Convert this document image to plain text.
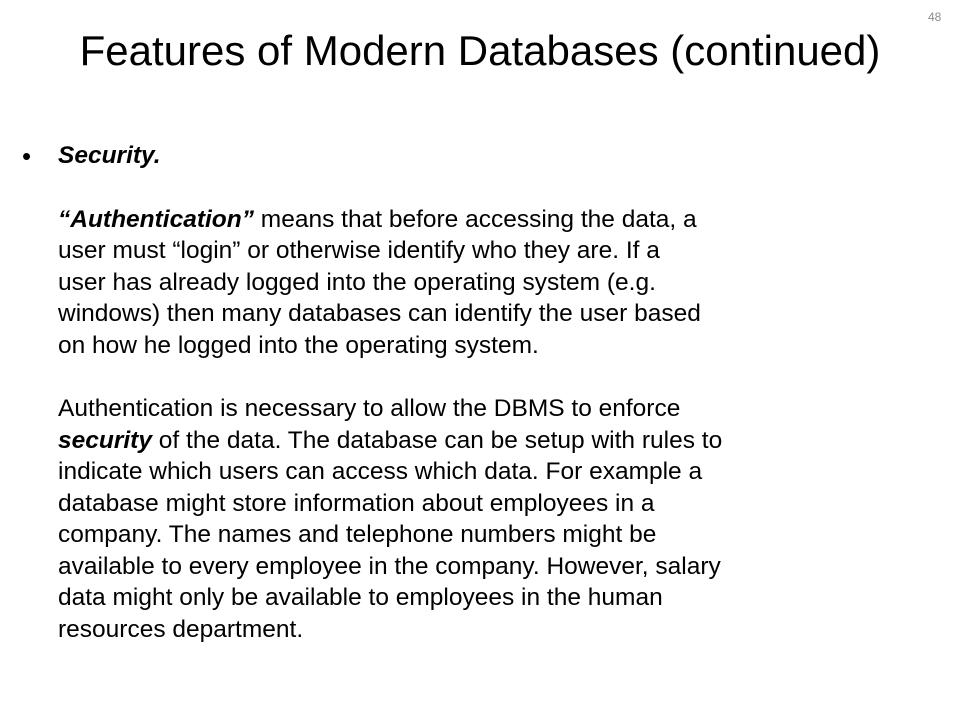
48
Features of Modern Databases (continued)
• Security.
“Authentication” means that before accessing the data, a
user must “login” or otherwise identify who they are. If a
user has already logged into the operating system (e.g.
windows) then many databases can identify the user based
on how he logged into the operating system.
Authentication is necessary to allow the DBMS to enforce
security of the data. The database can be setup with rules to
indicate which users can access which data. For example a
database might store information about employees in a
company. The names and telephone numbers might be
available to every employee in the company. However, salary
data might only be available to employees in the human
resources department.
